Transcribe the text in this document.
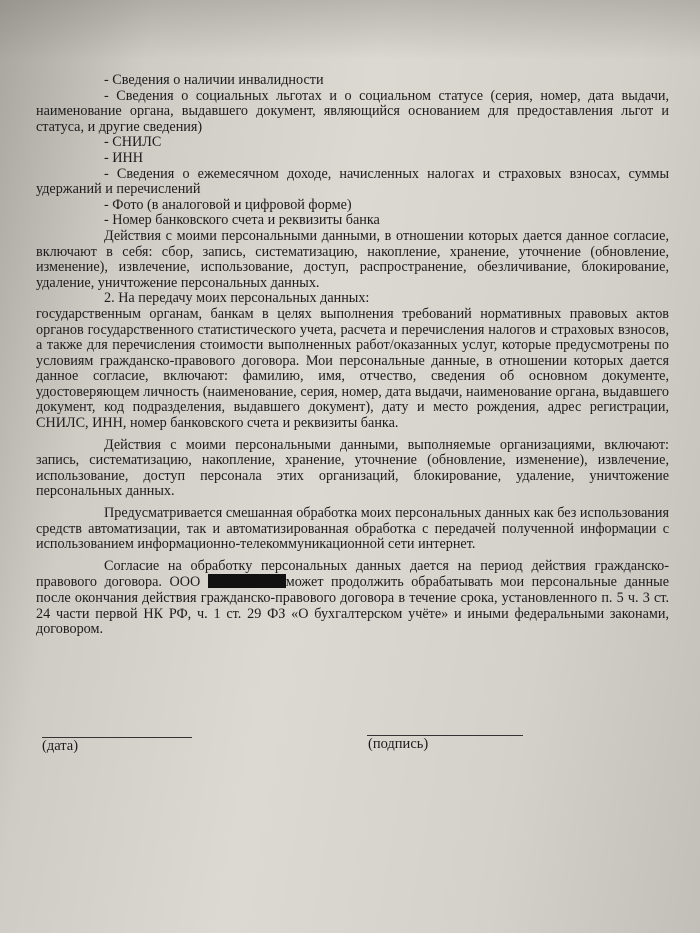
- Сведения о наличии инвалидности

- Сведения о социальных льготах и о социальном статусе (серия, номер, дата выдачи, наименование органа, выдавшего документ, являющийся основанием для предоставления льгот и статуса, и другие сведения)

- СНИЛС

- ИНН

- Сведения о ежемесячном доходе, начисленных налогах и страховых взносах, суммы удержаний и перечислений

- Фото (в аналоговой и цифровой форме)

- Номер банковского счета и реквизиты банка

Действия с моими персональными данными, в отношении которых дается данное согласие, включают в себя: сбор, запись, систематизацию, накопление, хранение, уточнение (обновление, изменение), извлечение, использование, доступ, распространение, обезличивание, блокирование, удаление, уничтожение персональных данных.

2. На передачу моих персональных данных:

государственным органам, банкам в целях выполнения требований нормативных правовых актов органов государственного статистического учета, расчета и перечисления налогов и страховых взносов, а также для перечисления стоимости выполненных работ/оказанных услуг, которые предусмотрены по условиям гражданско-правового договора. Мои персональные данные, в отношении которых дается данное согласие, включают: фамилию, имя, отчество, сведения об основном документе, удостоверяющем личность (наименование, серия, номер, дата выдачи, наименование органа, выдавшего документ, код подразделения, выдавшего документ), дату и место рождения, адрес регистрации, СНИЛС, ИНН, номер банковского счета и реквизиты банка.

Действия с моими персональными данными, выполняемые организациями, включают: запись, систематизацию, накопление, хранение, уточнение (обновление, изменение), извлечение, использование, доступ персонала этих организаций, блокирование, удаление, уничтожение персональных данных.

Предусматривается смешанная обработка моих персональных данных как без использования средств автоматизации, так и автоматизированная обработка с передачей полученной информации с использованием информационно-телекоммуникационной сети интернет.

Согласие на обработку персональных данных дается на период действия гражданско-правового договора. ООО	может продолжить обрабатывать мои персональные данные после окончания действия гражданско-правового договора в течение срока, установленного п. 5 ч. 3 ст. 24 части первой НК РФ, ч. 1 ст. 29 ФЗ «О бухгалтерском учёте» и иными федеральными законами, договором.

(дата)	(подпись)
